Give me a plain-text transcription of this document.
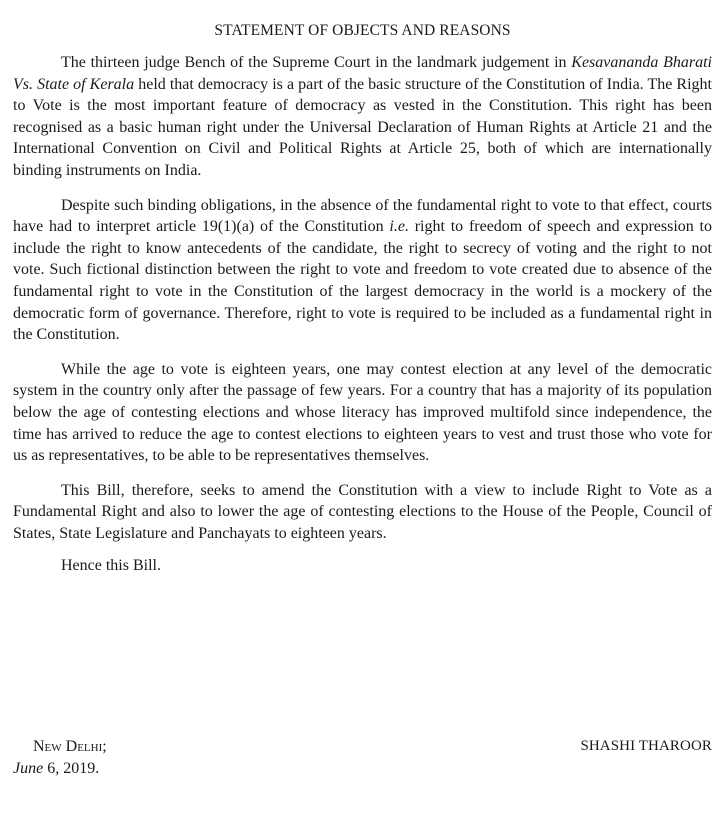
STATEMENT OF OBJECTS AND REASONS

The thirteen judge Bench of the Supreme Court in the landmark judgement in Kesavananda Bharati Vs. State of Kerala held that democracy is a part of the basic structure of the Constitution of India. The Right to Vote is the most important feature of democracy as vested in the Constitution. This right has been recognised as a basic human right under the Universal Declaration of Human Rights at Article 21 and the International Convention on Civil and Political Rights at Article 25, both of which are internationally binding instruments on India.

Despite such binding obligations, in the absence of the fundamental right to vote to that effect, courts have had to interpret article 19(1)(a) of the Constitution i.e. right to freedom of speech and expression to include the right to know antecedents of the candidate, the right to secrecy of voting and the right to not vote. Such fictional distinction between the right to vote and freedom to vote created due to absence of the fundamental right to vote in the Constitution of the largest democracy in the world is a mockery of the democratic form of governance. Therefore, right to vote is required to be included as a fundamental right in the Constitution.

While the age to vote is eighteen years, one may contest election at any level of the democratic system in the country only after the passage of few years. For a country that has a majority of its population below the age of contesting elections and whose literacy has improved multifold since independence, the time has arrived to reduce the age to contest elections to eighteen years to vest and trust those who vote for us as representatives, to be able to be representatives themselves.

This Bill, therefore, seeks to amend the Constitution with a view to include Right to Vote as a Fundamental Right and also to lower the age of contesting elections to the House of the People, Council of States, State Legislature and Panchayats to eighteen years.

Hence this Bill.

New Delhi;	SHASHI THAROOR
June 6, 2019.
